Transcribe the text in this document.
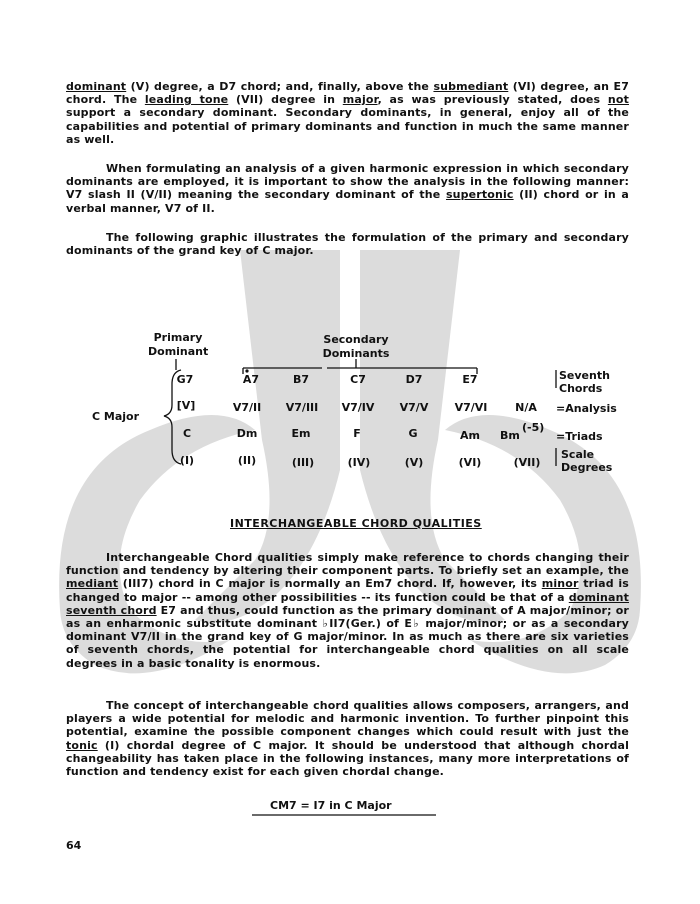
dominant (V) degree, a D7 chord; and, finally, above the submediant (VI) degree, an E7 chord. The leading tone (VII) degree in major, as was previously stated, does not support a secondary dominant. Secondary dominants, in general, enjoy all of the capabilities and potential of primary dominants and function in much the same manner as well.

When formulating an analysis of a given harmonic expression in which secondary dominants are employed, it is important to show the analysis in the following manner: V7 slash II (V/II) meaning the secondary dominant of the supertonic (II) chord or in a verbal manner, V7 of II.

The following graphic illustrates the formulation of the primary and secondary dominants of the grand key of C major.

Primary
Dominant
Secondary
Dominants
C Major
G7	A7	B7	C7	D7	E7
[V]	V7/II	V7/III	V7/IV	V7/V	V7/VI	N/A
C	Dm	Em	F	G	Am	Bm
(-5)
(I)	(II)	(III)	(IV)	(V)	(VI)	(VII)
Seventh
Chords
=Analysis
=Triads
Scale
Degrees
INTERCHANGEABLE CHORD QUALITIES

Interchangeable Chord qualities simply make reference to chords changing their function and tendency by altering their component parts. To briefly set an example, the mediant (III7) chord in C major is normally an Em7 chord. If, however, its minor triad is changed to major -- among other possibilities -- its function could be that of a dominant seventh chord E7 and thus, could function as the primary dominant of A major/minor; or as an enharmonic substitute dominant ♭II7(Ger.) of E♭ major/minor; or as a secondary dominant V7/II in the grand key of G major/minor. In as much as there are six varieties of seventh chords, the potential for interchangeable chord qualities on all scale degrees in a basic tonality is enormous.

The concept of interchangeable chord qualities allows composers, arrangers, and players a wide potential for melodic and harmonic invention. To further pinpoint this potential, examine the possible component changes which could result with just the tonic (I) chordal degree of C major. It should be understood that although chordal changeability has taken place in the following instances, many more interpretations of function and tendency exist for each given chordal change.

CM7 = I7 in C Major
64
